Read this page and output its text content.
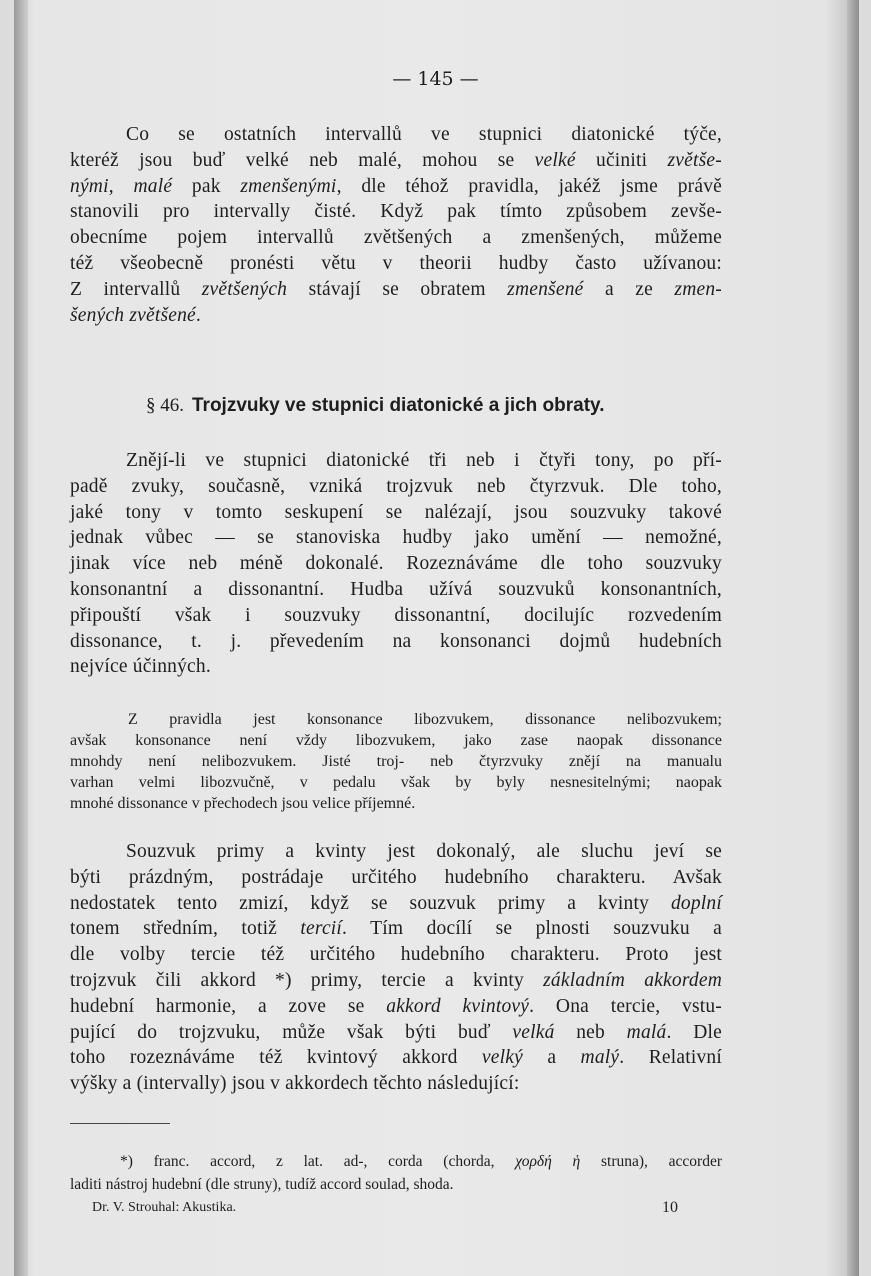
— 145 —
Co se ostatních intervallů ve stupnici diatonické týče,
kteréž jsou buď velké neb malé, mohou se velké učiniti zvětše-
nými, malé pak zmenšenými, dle téhož pravidla, jakéž jsme právě
stanovili pro intervally čisté. Když pak tímto způsobem zevše-
obecníme pojem intervallů zvětšených a zmenšených, můžeme
též všeobecně pronésti větu v theorii hudby často užívanou:
Z intervallů zvětšených stávají se obratem zmenšené a ze zmen-
šených zvětšené.
§ 46. Trojzvuky ve stupnici diatonické a jich obraty.
Znějí-li ve stupnici diatonické tři neb i čtyři tony, po pří-
padě zvuky, současně, vzniká trojzvuk neb čtyrzvuk. Dle toho,
jaké tony v tomto seskupení se nalézají, jsou souzvuky takové
jednak vůbec — se stanoviska hudby jako umění — nemožné,
jinak více neb méně dokonalé. Rozeznáváme dle toho souzvuky
konsonantní a dissonantní. Hudba užívá souzvuků konsonantních,
připouští však i souzvuky dissonantní, docilujíc rozvedením
dissonance, t. j. převedením na konsonanci dojmů hudebních
nejvíce účinných.
Z pravidla jest konsonance libozvukem, dissonance nelibozvukem;
avšak konsonance není vždy libozvukem, jako zase naopak dissonance
mnohdy není nelibozvukem. Jisté troj- neb čtyrzvuky znějí na manualu
varhan velmi libozvučně, v pedalu však by byly nesnesitelnými; naopak
mnohé dissonance v přechodech jsou velice příjemné.
Souzvuk primy a kvinty jest dokonalý, ale sluchu jeví se
býti prázdným, postrádaje určitého hudebního charakteru. Avšak
nedostatek tento zmizí, když se souzvuk primy a kvinty doplní
tonem středním, totiž tercií. Tím docílí se plnosti souzvuku a
dle volby tercie též určitého hudebního charakteru. Proto jest
trojzvuk čili akkord *) primy, tercie a kvinty základním akkordem
hudební harmonie, a zove se akkord kvintový. Ona tercie, vstu-
pující do trojzvuku, může však býti buď velká neb malá. Dle
toho rozeznáváme též kvintový akkord velký a malý. Relativní
výšky a (intervally) jsou v akkordech těchto následující:
*) franc. accord, z lat. ad-, corda (chorda, χορδή ἡ struna), accorder
laditi nástroj hudební (dle struny), tudíž accord soulad, shoda.
Dr. V. Strouhal: Akustika.	10
